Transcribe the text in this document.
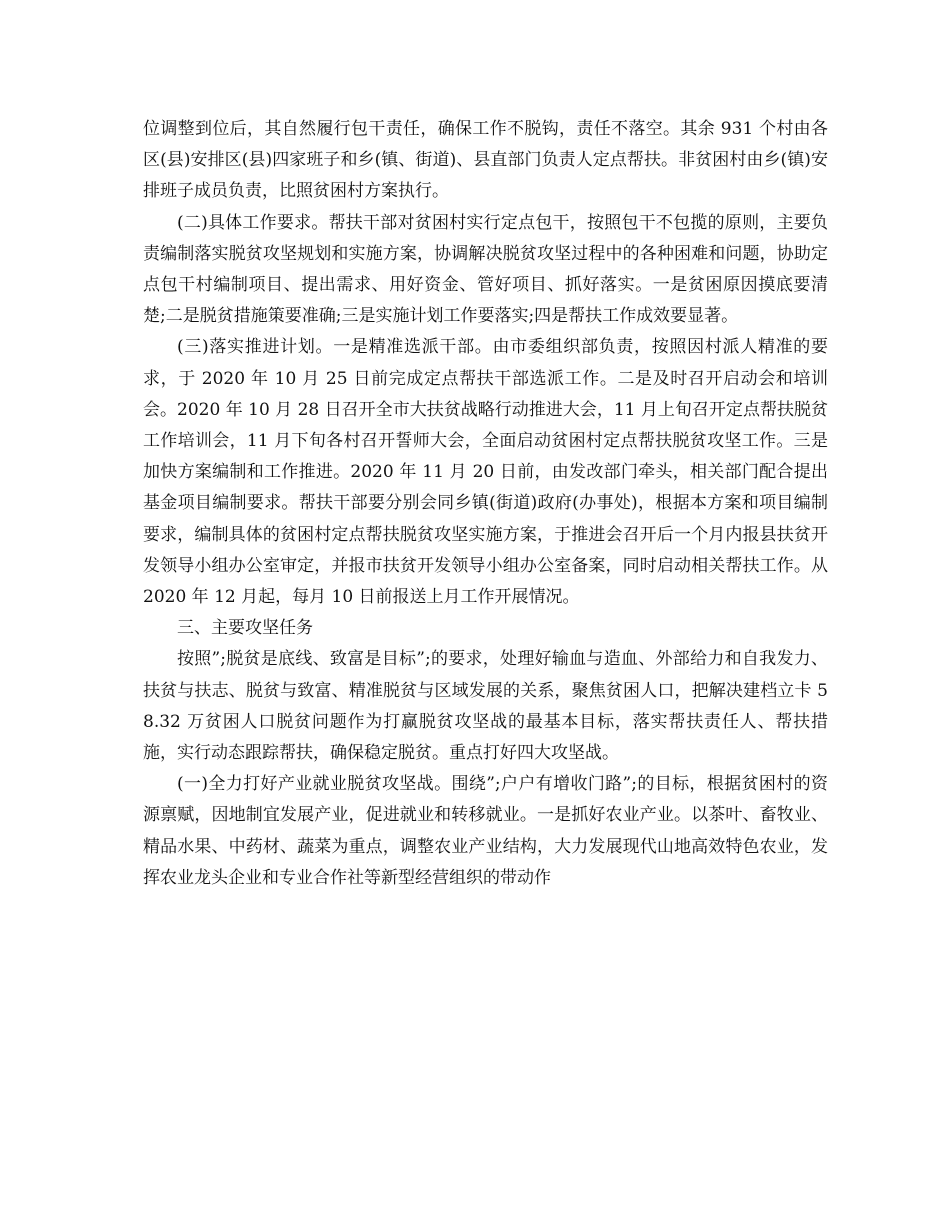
位调整到位后，其自然履行包干责任，确保工作不脱钩，责任不落空。其余 931 个村由各区(县)安排区(县)四家班子和乡(镇、街道)、县直部门负责人定点帮扶。非贫困村由乡(镇)安排班子成员负责，比照贫困村方案执行。

(二)具体工作要求。帮扶干部对贫困村实行定点包干，按照包干不包揽的原则，主要负责编制落实脱贫攻坚规划和实施方案，协调解决脱贫攻坚过程中的各种困难和问题，协助定点包干村编制项目、提出需求、用好资金、管好项目、抓好落实。一是贫困原因摸底要清楚;二是脱贫措施策要准确;三是实施计划工作要落实;四是帮扶工作成效要显著。

(三)落实推进计划。一是精准选派干部。由市委组织部负责，按照因村派人精准的要求，于 2020 年 10 月 25 日前完成定点帮扶干部选派工作。二是及时召开启动会和培训会。2020 年 10 月 28 日召开全市大扶贫战略行动推进大会，11 月上旬召开定点帮扶脱贫工作培训会，11 月下旬各村召开誓师大会，全面启动贫困村定点帮扶脱贫攻坚工作。三是加快方案编制和工作推进。2020 年 11 月 20 日前，由发改部门牵头，相关部门配合提出基金项目编制要求。帮扶干部要分别会同乡镇(街道)政府(办事处)，根据本方案和项目编制要求，编制具体的贫困村定点帮扶脱贫攻坚实施方案，于推进会召开后一个月内报县扶贫开发领导小组办公室审定，并报市扶贫开发领导小组办公室备案，同时启动相关帮扶工作。从 2020 年 12 月起，每月 10 日前报送上月工作开展情况。

三、主要攻坚任务

按照”;脱贫是底线、致富是目标”;的要求，处理好输血与造血、外部给力和自我发力、扶贫与扶志、脱贫与致富、精准脱贫与区域发展的关系，聚焦贫困人口，把解决建档立卡 58.32 万贫困人口脱贫问题作为打赢脱贫攻坚战的最基本目标，落实帮扶责任人、帮扶措施，实行动态跟踪帮扶，确保稳定脱贫。重点打好四大攻坚战。

(一)全力打好产业就业脱贫攻坚战。围绕”;户户有增收门路”;的目标，根据贫困村的资源禀赋，因地制宜发展产业，促进就业和转移就业。一是抓好农业产业。以茶叶、畜牧业、精品水果、中药材、蔬菜为重点，调整农业产业结构，大力发展现代山地高效特色农业，发挥农业龙头企业和专业合作社等新型经营组织的带动作
